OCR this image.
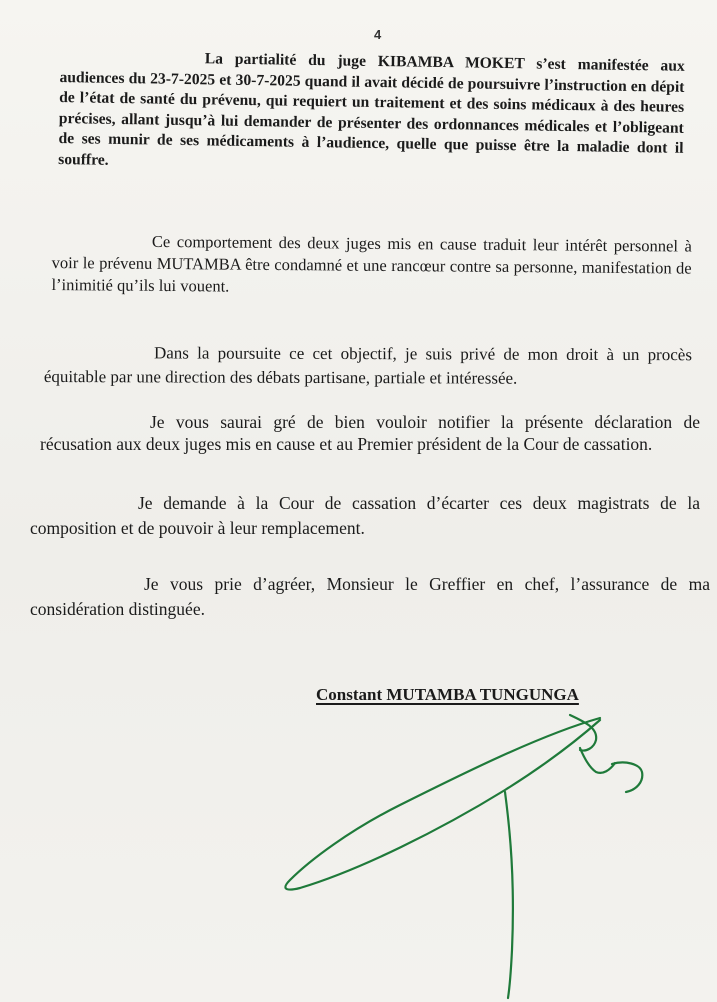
4

La partialité du juge KIBAMBA MOKET s’est manifestée aux audiences du 23-7-2025 et 30-7-2025 quand il avait décidé de poursuivre l’instruction en dépit de l’état de santé du prévenu, qui requiert un traitement et des soins médicaux à des heures précises, allant jusqu’à lui demander de présenter des ordonnances médicales et l’obligeant de ses munir de ses médicaments à l’audience, quelle que puisse être la maladie dont il souffre.

Ce comportement des deux juges mis en cause traduit leur intérêt personnel à voir le prévenu MUTAMBA être condamné et une rancœur contre sa personne, manifestation de l’inimitié qu’ils lui vouent.

Dans la poursuite ce cet objectif, je suis privé de mon droit à un procès équitable par une direction des débats partisane, partiale et intéressée.

Je vous saurai gré de bien vouloir notifier la présente déclaration de récusation aux deux juges mis en cause et au Premier président de la Cour de cassation.

Je demande à la Cour de cassation d’écarter ces deux magistrats de la composition et de pouvoir à leur remplacement.

Je vous prie d’agréer, Monsieur le Greffier en chef, l’assurance de ma considération distinguée.

Constant MUTAMBA TUNGUNGA
